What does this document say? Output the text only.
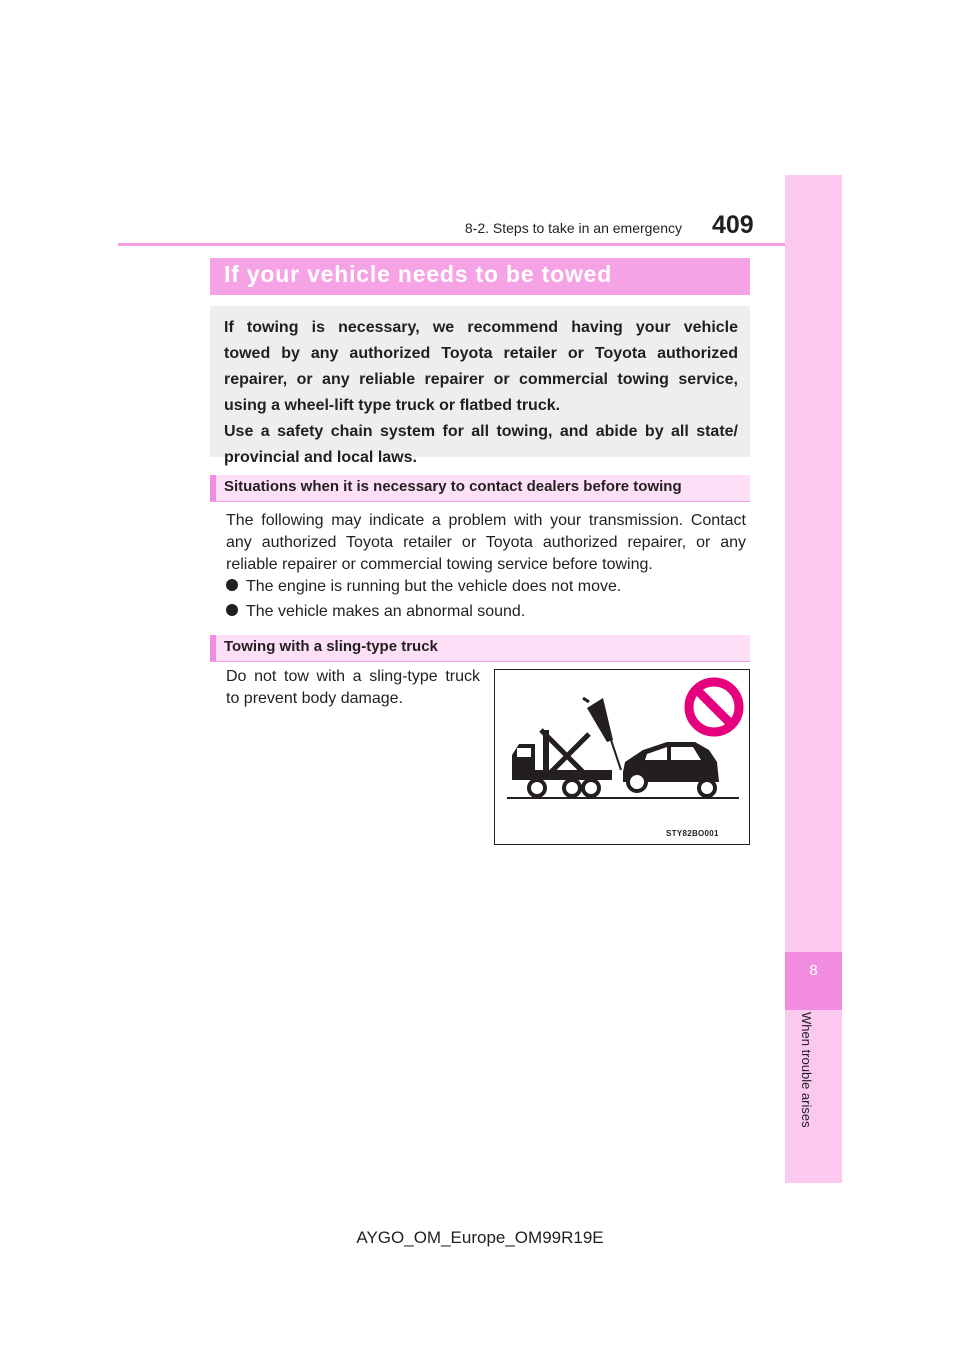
8
When trouble arises
8-2. Steps to take in an emergency 409
If your vehicle needs to be towed

If towing is necessary, we recommend having your vehicle

towed by any authorized Toyota retailer or Toyota authorized

repairer, or any reliable repairer or commercial towing service,

using a wheel-lift type truck or flatbed truck.

Use a safety chain system for all towing, and abide by all state/

provincial and local laws.

Situations when it is necessary to contact dealers before towing
The following may indicate a problem with your transmission. Contact
any authorized Toyota retailer or Toyota authorized repairer, or any
reliable repairer or commercial towing service before towing.
The engine is running but the vehicle does not move.
The vehicle makes an abnormal sound.
Towing with a sling-type truck
Do not tow with a sling-type truck
to prevent body damage.
STY82BO001
AYGO_OM_Europe_OM99R19E
